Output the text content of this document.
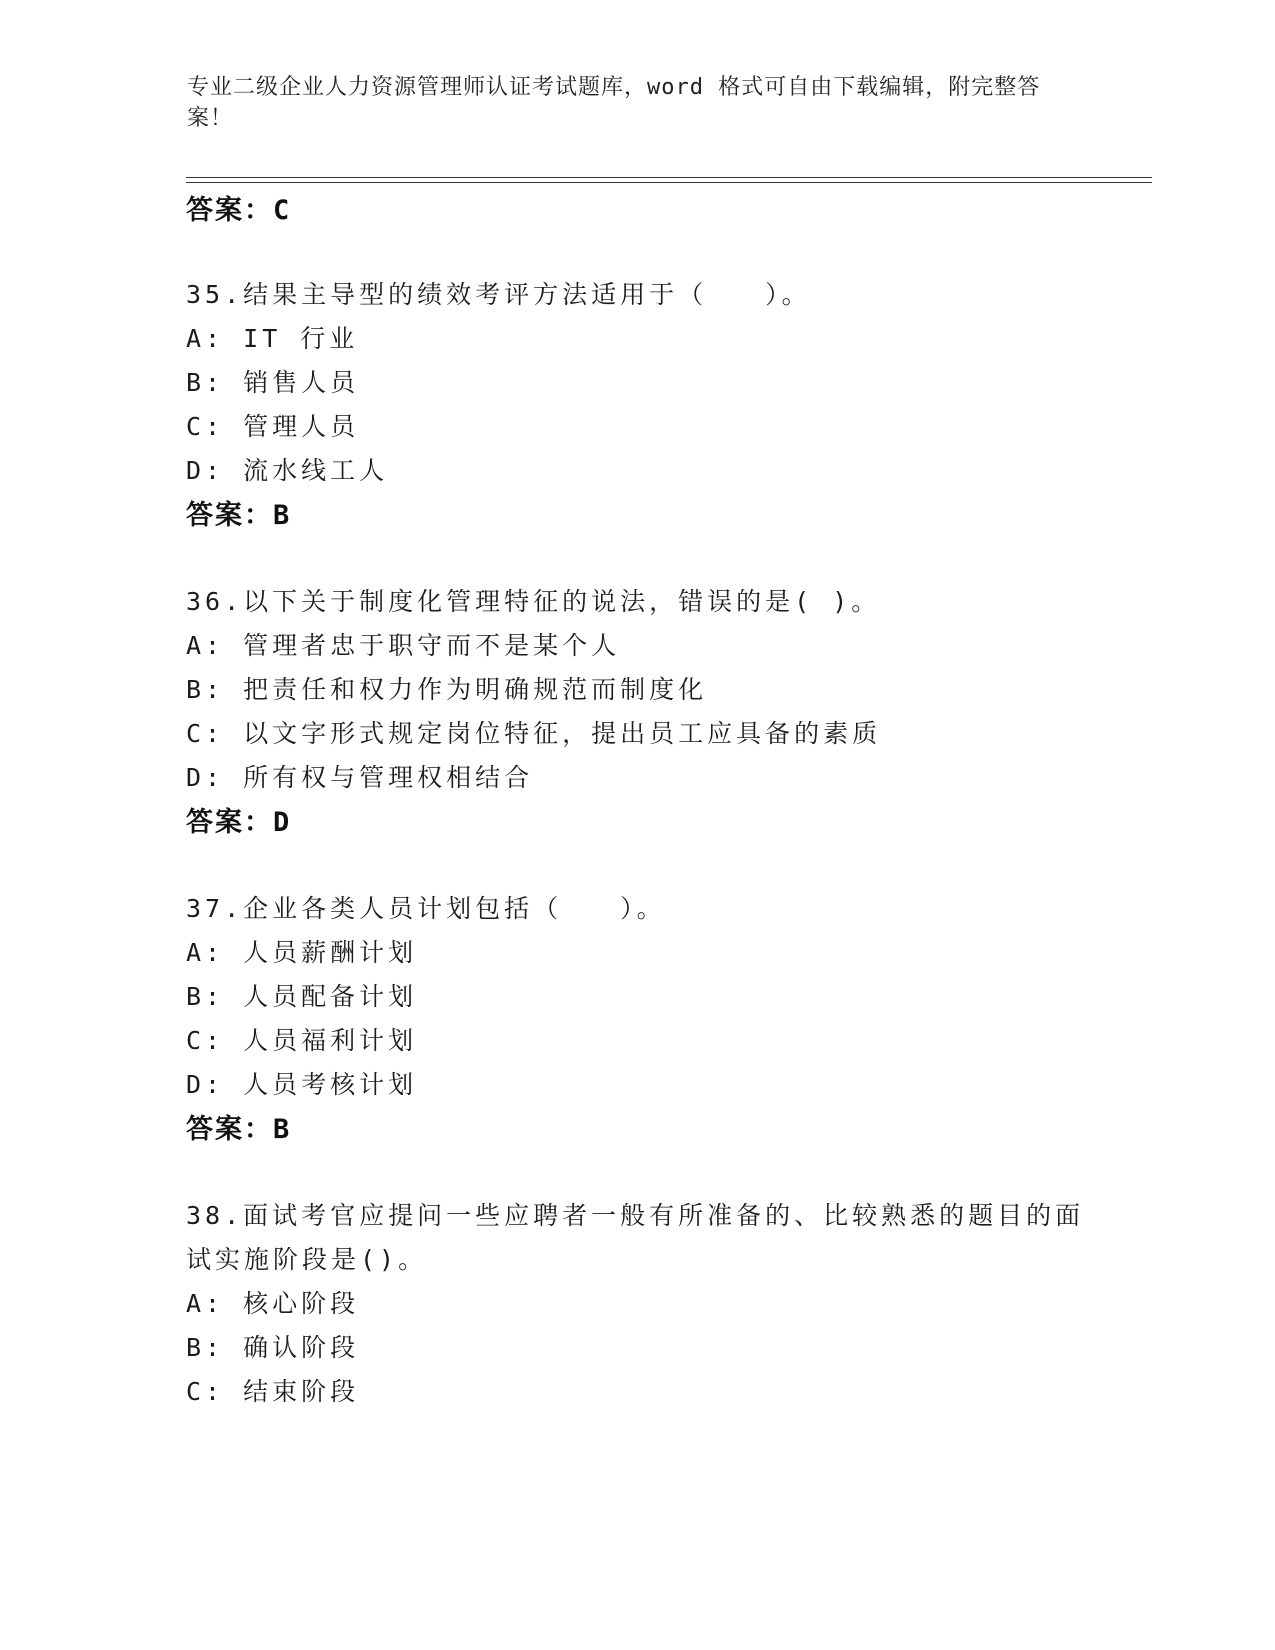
专业二级企业人力资源管理师认证考试题库，word 格式可自由下载编辑，附完整答案！
答案：C
35.结果主导型的绩效考评方法适用于（　　）。
A: IT 行业
B: 销售人员
C: 管理人员
D: 流水线工人
答案：B
36.以下关于制度化管理特征的说法，错误的是( )。
A: 管理者忠于职守而不是某个人
B: 把责任和权力作为明确规范而制度化
C: 以文字形式规定岗位特征，提出员工应具备的素质
D: 所有权与管理权相结合
答案：D
37.企业各类人员计划包括（　　）。
A: 人员薪酬计划
B: 人员配备计划
C: 人员福利计划
D: 人员考核计划
答案：B
38.面试考官应提问一些应聘者一般有所准备的、比较熟悉的题目的面
试实施阶段是()。
A: 核心阶段
B: 确认阶段
C: 结束阶段
